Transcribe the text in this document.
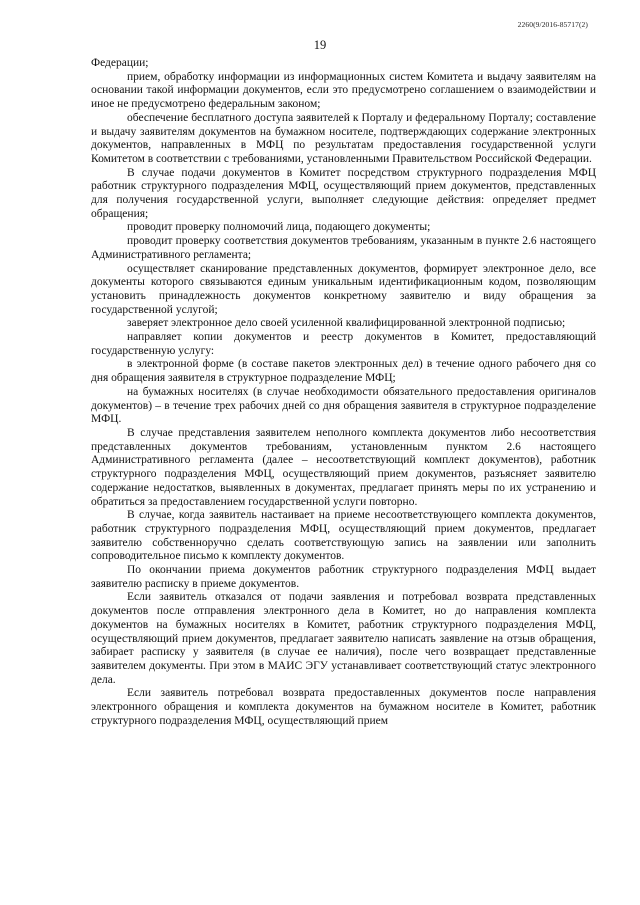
2260(9/2016-85717(2)
19

Федерации;

прием, обработку информации из информационных систем Комитета и выдачу заявителям на основании такой информации документов, если это предусмотрено соглашением о взаимодействии и иное не предусмотрено федеральным законом;

обеспечение бесплатного доступа заявителей к Порталу и федеральному Порталу; составление и выдачу заявителям документов на бумажном носителе, подтверждающих содержание электронных документов, направленных в МФЦ по результатам предоставления государственной услуги Комитетом в соответствии с требованиями, установленными Правительством Российской Федерации.

В случае подачи документов в Комитет посредством структурного подразделения МФЦ работник структурного подразделения МФЦ, осуществляющий прием документов, представленных для получения государственной услуги, выполняет следующие действия: определяет предмет обращения;

проводит проверку полномочий лица, подающего документы;

проводит проверку соответствия документов требованиям, указанным в пункте 2.6 настоящего Административного регламента;

осуществляет сканирование представленных документов, формирует электронное дело, все документы которого связываются единым уникальным идентификационным кодом, позволяющим установить принадлежность документов конкретному заявителю и виду обращения за государственной услугой;

заверяет электронное дело своей усиленной квалифицированной электронной подписью;

направляет копии документов и реестр документов в Комитет, предоставляющий государственную услугу:

в электронной форме (в составе пакетов электронных дел) в течение одного рабочего дня со дня обращения заявителя в структурное подразделение МФЦ;

на бумажных носителях (в случае необходимости обязательного предоставления оригиналов документов) – в течение трех рабочих дней со дня обращения заявителя в структурное подразделение МФЦ.

В случае представления заявителем неполного комплекта документов либо несоответствия представленных документов требованиям, установленным пунктом 2.6 настоящего Административного регламента (далее – несоответствующий комплект документов), работник структурного подразделения МФЦ, осуществляющий прием документов, разъясняет заявителю содержание недостатков, выявленных в документах, предлагает принять меры по их устранению и обратиться за предоставлением государственной услуги повторно.

В случае, когда заявитель настаивает на приеме несоответствующего комплекта документов, работник структурного подразделения МФЦ, осуществляющий прием документов, предлагает заявителю собственноручно сделать соответствующую запись на заявлении или заполнить сопроводительное письмо к комплекту документов.

По окончании приема документов работник структурного подразделения МФЦ выдает заявителю расписку в приеме документов.

Если заявитель отказался от подачи заявления и потребовал возврата представленных документов после отправления электронного дела в Комитет, но до направления комплекта документов на бумажных носителях в Комитет, работник структурного подразделения МФЦ, осуществляющий прием документов, предлагает заявителю написать заявление на отзыв обращения, забирает расписку у заявителя (в случае ее наличия), после чего возвращает представленные заявителем документы. При этом в МАИС ЭГУ устанавливает соответствующий статус электронного дела.

Если заявитель потребовал возврата предоставленных документов после направления электронного обращения и комплекта документов на бумажном носителе в Комитет, работник структурного подразделения МФЦ, осуществляющий прием
